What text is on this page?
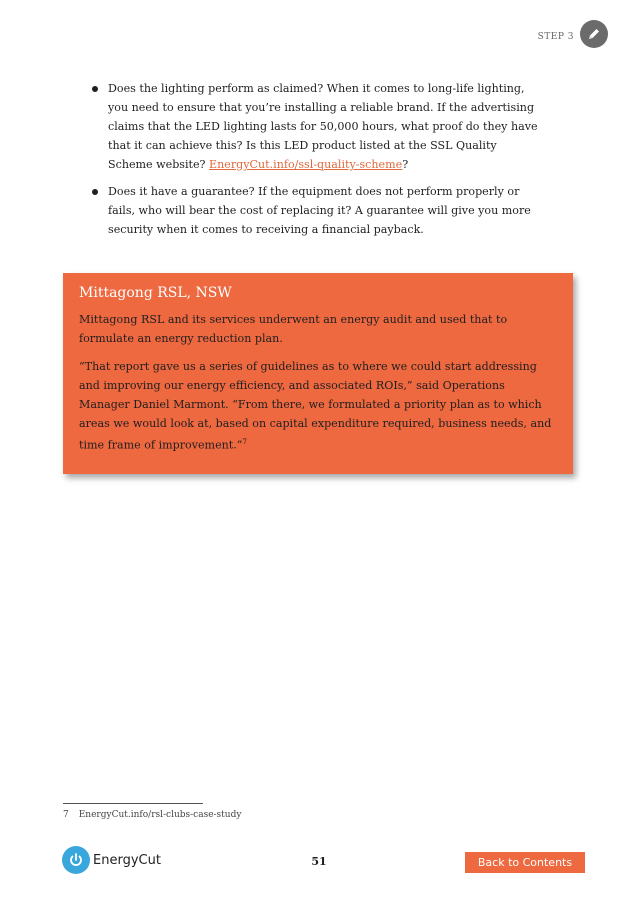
STEP 3
Does the lighting perform as claimed? When it comes to long-life lighting, you need to ensure that you’re installing a reliable brand. If the advertising claims that the LED lighting lasts for 50,000 hours, what proof do they have that it can achieve this? Is this LED product listed at the SSL Quality Scheme website? EnergyCut.info/ssl-quality-scheme?
Does it have a guarantee? If the equipment does not perform properly or fails, who will bear the cost of replacing it? A guarantee will give you more security when it comes to receiving a financial payback.
Mittagong RSL, NSW

Mittagong RSL and its services underwent an energy audit and used that to formulate an energy reduction plan.

“That report gave us a series of guidelines as to where we could start addressing and improving our energy efficiency, and associated ROIs,” said Operations Manager Daniel Marmont. “From there, we formulated a priority plan as to which areas we would look at, based on capital expenditure required, business needs, and time frame of improvement.”$^7$

7 EnergyCut.info/rsl-clubs-case-study
EnergyCut	51	Back to Contents
